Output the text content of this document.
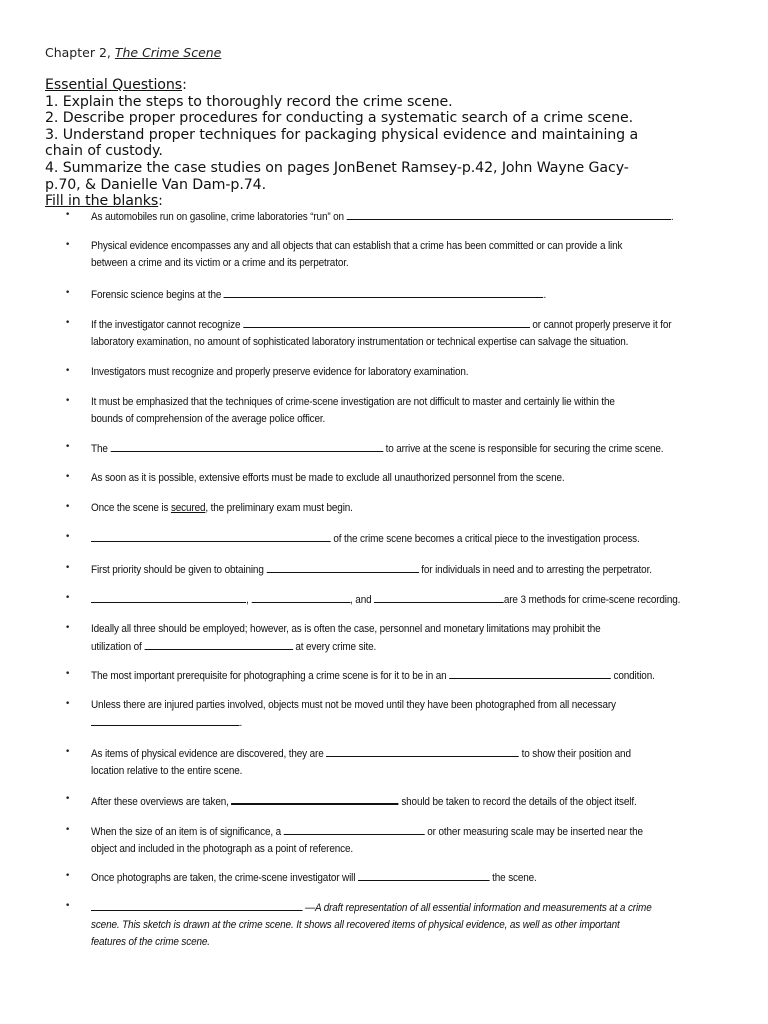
Chapter 2, The Crime Scene
Essential Questions:
1. Explain the steps to thoroughly record the crime scene.
2. Describe proper procedures for conducting a systematic search of a crime scene.
3. Understand proper techniques for packaging physical evidence and maintaining a
chain of custody.
4. Summarize the case studies on pages JonBenet Ramsey-p.42, John Wayne Gacy-
p.70, & Danielle Van Dam-p.74.
Fill in the blanks:
• As automobiles run on gasoline, crime laboratories “run” on	.
• Physical evidence encompasses any and all objects that can establish that a crime has been committed or can provide a link
between a crime and its victim or a crime and its perpetrator.
• Forensic science begins at the	.
• If the investigator cannot recognize	or cannot properly preserve it for
laboratory examination, no amount of sophisticated laboratory instrumentation or technical expertise can salvage the situation.
• Investigators must recognize and properly preserve evidence for laboratory examination.
• It must be emphasized that the techniques of crime-scene investigation are not difficult to master and certainly lie within the
bounds of comprehension of the average police officer.
• The	to arrive at the scene is responsible for securing the crime scene.
• As soon as it is possible, extensive efforts must be made to exclude all unauthorized personnel from the scene.
• Once the scene is secured, the preliminary exam must begin.
•	of the crime scene becomes a critical piece to the investigation process.
• First priority should be given to obtaining	for individuals in need and to arresting the perpetrator.
•	,	, and	are 3 methods for crime-scene recording.
• Ideally all three should be employed; however, as is often the case, personnel and monetary limitations may prohibit the
utilization of	at every crime site.
• The most important prerequisite for photographing a crime scene is for it to be in an	condition.
• Unless there are injured parties involved, objects must not be moved until they have been photographed from all necessary
.
• As items of physical evidence are discovered, they are	to show their position and
location relative to the entire scene.
• After these overviews are taken,	should be taken to record the details of the object itself.
• When the size of an item is of significance, a	or other measuring scale may be inserted near the
object and included in the photograph as a point of reference.
• Once photographs are taken, the crime-scene investigator will	the scene.
•	—A draft representation of all essential information and measurements at a crime
scene. This sketch is drawn at the crime scene. It shows all recovered items of physical evidence, as well as other important
features of the crime scene.
